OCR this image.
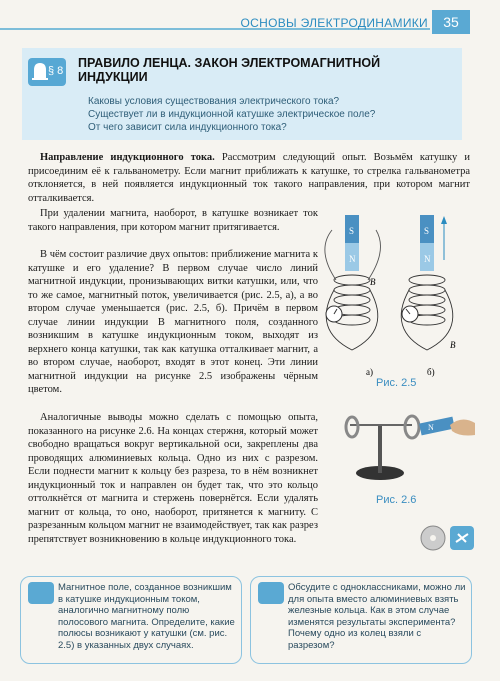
ОСНОВЫ ЭЛЕКТРОДИНАМИКИ	35
§ 8
ПРАВИЛО ЛЕНЦА. ЗАКОН ЭЛЕКТРОМАГНИТНОЙ ИНДУКЦИИ
Каковы условия существования электрического тока?
Существует ли в индукционной катушке электрическое поле?
От чего зависит сила индукционного тока?
Направление индукционного тока. Рассмотрим следующий опыт. Возьмём катушку и присоединим её к гальванометру. Если магнит приближать к катушке, то стрелка гальванометра отклоняется, в ней появляется индукционный ток такого направления, при котором магнит отталкивается.
При удалении магнита, наоборот, в катушке возникает ток такого направления, при котором магнит притягивается.
В чём состоит различие двух опытов: приближение магнита к катушке и его удаление? В первом случае число линий магнитной индукции, пронизывающих витки катушки, или, что то же самое, магнитный поток, увеличивается (рис. 2.5, а), а во втором случае уменьшается (рис. 2.5, б). Причём в первом случае линии индукции B магнитного поля, созданного возникшим в катушке индукционным током, выходят из верхнего конца катушки, так как катушка отталкивает магнит, а во втором случае, наоборот, входят в этот конец. Эти линии магнитной индукции на рисунке 2.5 изображены чёрным цветом.
Аналогичные выводы можно сделать с помощью опыта, показанного на рисунке 2.6. На концах стержня, который может свободно вращаться вокруг вертикальной оси, закреплены два проводящих алюминиевых кольца. Одно из них с разрезом. Если поднести магнит к кольцу без разреза, то в нём возникнет индукционный ток и направлен он будет так, что это кольцо оттолкнётся от магнита и стержень повернётся. Если удалять магнит от кольца, то оно, наоборот, притянется к магниту. С разрезанным кольцом магнит не взаимодействует, так как разрез препятствует возникновению в кольце индукционного тока.
S
N
B
а)
S
N
B
б)
Рис. 2.5
N
Рис. 2.6
Магнитное поле, созданное возникшим в катушке индукционным током, аналогично магнитному полю полосового магнита. Определите, какие полюсы возникают у катушки (см. рис. 2.5) в указанных двух случаях.
Обсудите с одноклассниками, можно ли для опыта вместо алюминиевых взять железные кольца. Как в этом случае изменятся результаты эксперимента? Почему одно из колец взяли с разрезом?
